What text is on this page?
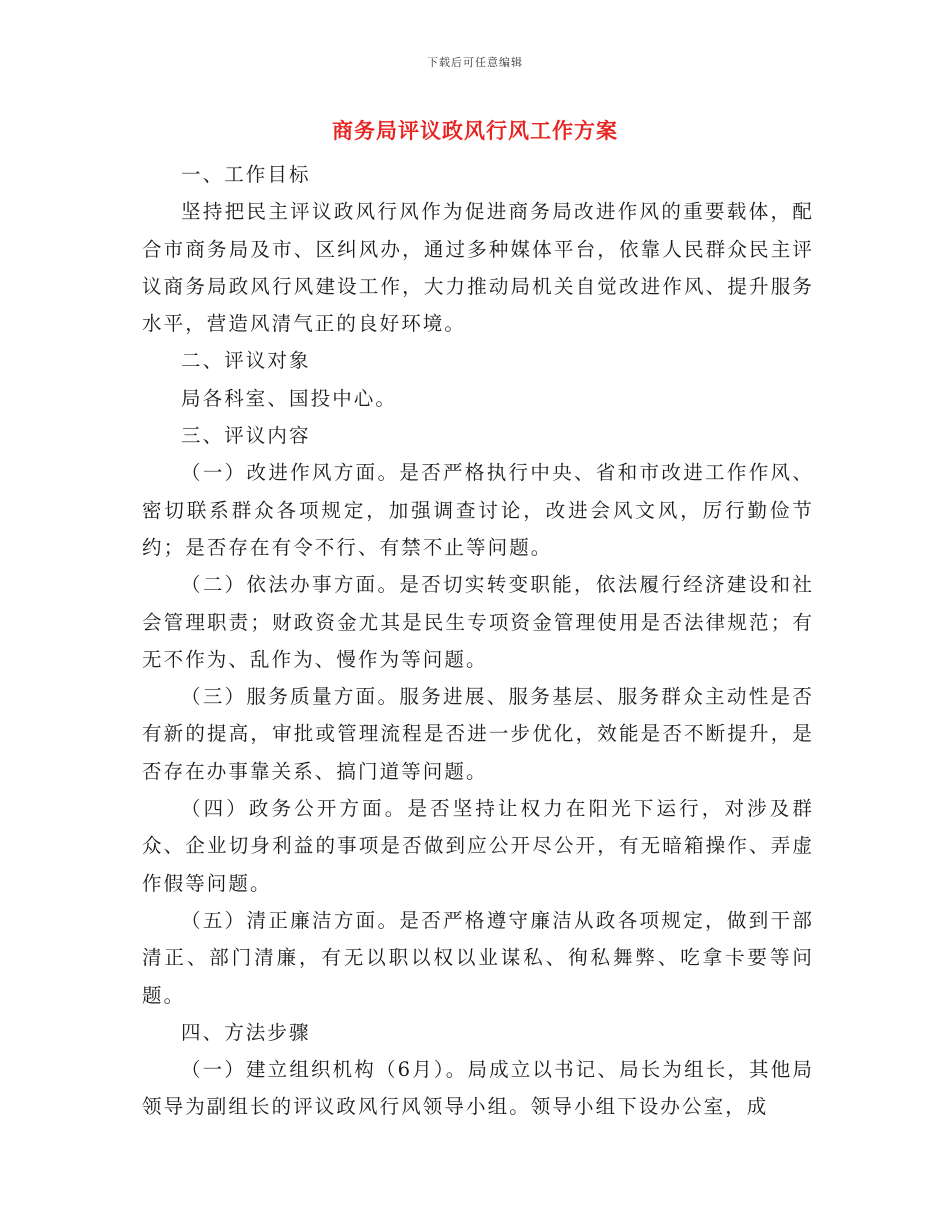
下载后可任意编辑
商务局评议政风行风工作方案

一、工作目标

坚持把民主评议政风行风作为促进商务局改进作风的重要载体，配合市商务局及市、区纠风办，通过多种媒体平台，依靠人民群众民主评议商务局政风行风建设工作，大力推动局机关自觉改进作风、提升服务水平，营造风清气正的良好环境。

二、评议对象

局各科室、国投中心。

三、评议内容

（一）改进作风方面。是否严格执行中央、省和市改进工作作风、密切联系群众各项规定，加强调查讨论，改进会风文风，厉行勤俭节约；是否存在有令不行、有禁不止等问题。

（二）依法办事方面。是否切实转变职能，依法履行经济建设和社会管理职责；财政资金尤其是民生专项资金管理使用是否法律规范；有无不作为、乱作为、慢作为等问题。

（三）服务质量方面。服务进展、服务基层、服务群众主动性是否有新的提高，审批或管理流程是否进一步优化，效能是否不断提升，是否存在办事靠关系、搞门道等问题。

（四）政务公开方面。是否坚持让权力在阳光下运行，对涉及群众、企业切身利益的事项是否做到应公开尽公开，有无暗箱操作、弄虚作假等问题。

（五）清正廉洁方面。是否严格遵守廉洁从政各项规定，做到干部清正、部门清廉，有无以职以权以业谋私、徇私舞弊、吃拿卡要等问题。

四、方法步骤

（一）建立组织机构（6月）。局成立以书记、局长为组长，其他局领导为副组长的评议政风行风领导小组。领导小组下设办公室，成
